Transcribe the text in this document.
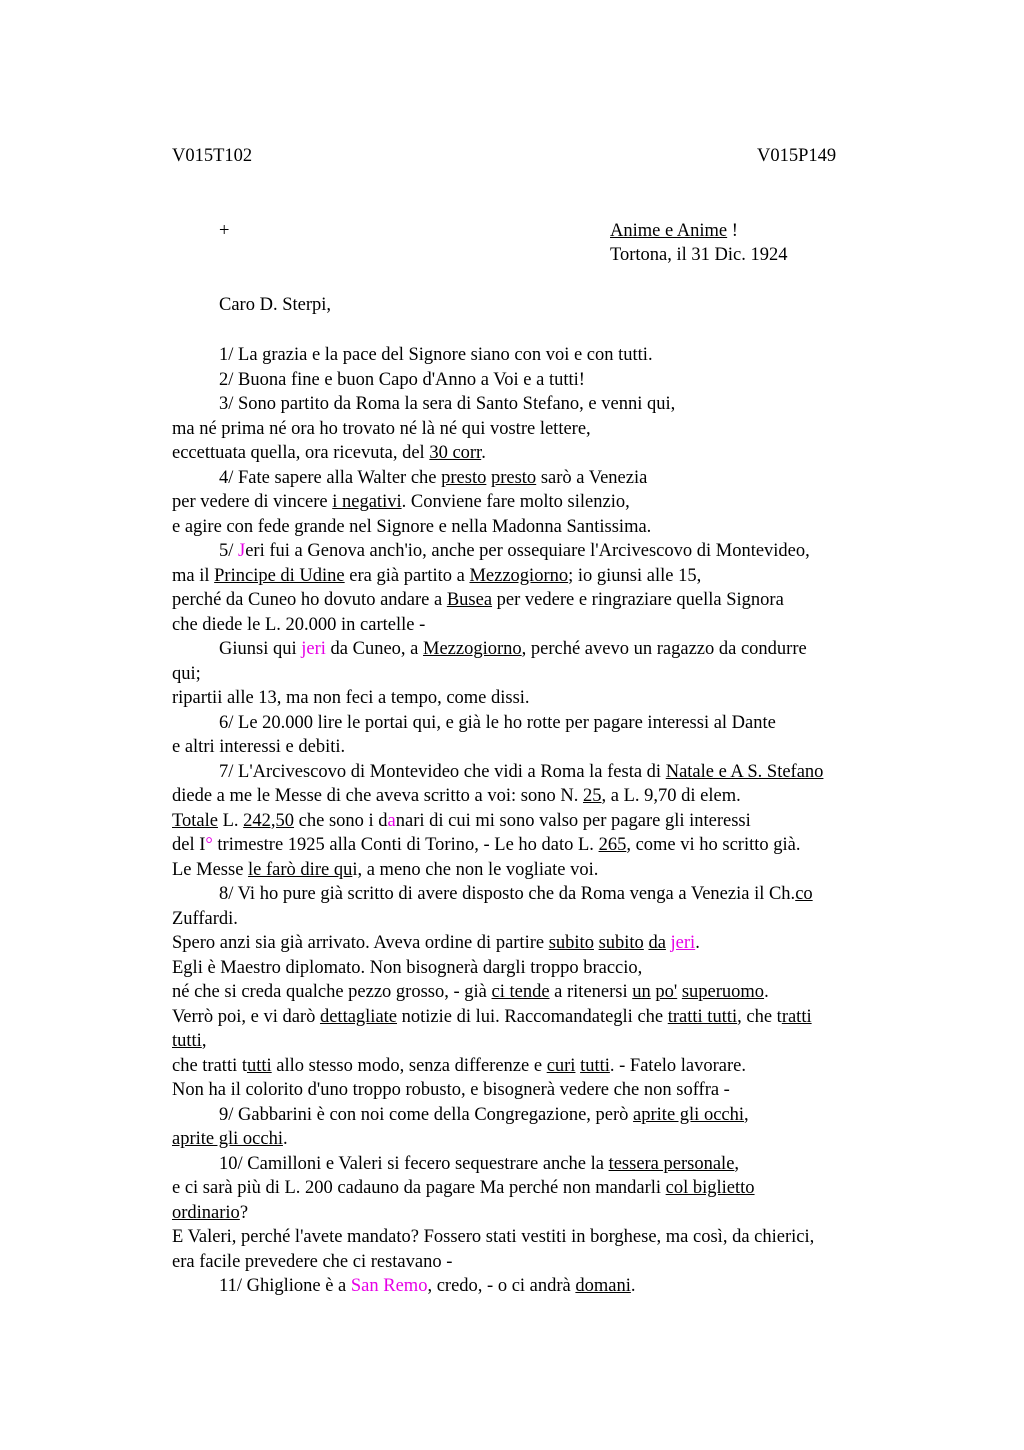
V015T102	V015P149
+	Anime e Anime !
Tortona, il 31 Dic. 1924
Caro D. Sterpi,
1/ La grazia e la pace del Signore siano con voi e con tutti.
2/ Buona fine e buon Capo d'Anno a Voi e a tutti!
3/ Sono partito da Roma la sera di Santo Stefano, e venni qui,
ma né prima né ora ho trovato né là né qui vostre lettere,
eccettuata quella, ora ricevuta, del 30 corr.
4/ Fate sapere alla Walter che presto presto sarò a Venezia
per vedere di vincere i negativi. Conviene fare molto silenzio,
e agire con fede grande nel Signore e nella Madonna Santissima.
5/ Jeri fui a Genova anch'io, anche per ossequiare l'Arcivescovo di Montevideo,
ma il Principe di Udine era già partito a Mezzogiorno; io giunsi alle 15,
perché da Cuneo ho dovuto andare a Busea per vedere e ringraziare quella Signora
che diede le L. 20.000 in cartelle -
Giunsi qui jeri da Cuneo, a Mezzogiorno, perché avevo un ragazzo da condurre
qui;
ripartii alle 13, ma non feci a tempo, come dissi.
6/ Le 20.000 lire le portai qui, e già le ho rotte per pagare interessi al Dante
e altri interessi e debiti.
7/ L'Arcivescovo di Montevideo che vidi a Roma la festa di Natale e A S. Stefano
diede a me le Messe di che aveva scritto a voi: sono N. 25, a L. 9,70 di elem.
Totale L. 242,50 che sono i danari di cui mi sono valso per pagare gli interessi
del I° trimestre 1925 alla Conti di Torino, - Le ho dato L. 265, come vi ho scritto già.
Le Messe le farò dire qui, a meno che non le vogliate voi.
8/ Vi ho pure già scritto di avere disposto che da Roma venga a Venezia il Ch.co
Zuffardi.
Spero anzi sia già arrivato. Aveva ordine di partire subito subito da jeri.
Egli è Maestro diplomato. Non bisognerà dargli troppo braccio,
né che si creda qualche pezzo grosso, - già ci tende a ritenersi un po' superuomo.
Verrò poi, e vi darò dettagliate notizie di lui. Raccomandategli che tratti tutti, che tratti
tutti,
che tratti tutti allo stesso modo, senza differenze e curi tutti. - Fatelo lavorare.
Non ha il colorito d'uno troppo robusto, e bisognerà vedere che non soffra -
9/ Gabbarini è con noi come della Congregazione, però aprite gli occhi,
aprite gli occhi.
10/ Camilloni e Valeri si fecero sequestrare anche la tessera personale,
e ci sarà più di L. 200 cadauno da pagare Ma perché non mandarli col biglietto
ordinario?
E Valeri, perché l'avete mandato? Fossero stati vestiti in borghese, ma così, da chierici,
era facile prevedere che ci restavano -
11/ Ghiglione è a San Remo, credo, - o ci andrà domani.
